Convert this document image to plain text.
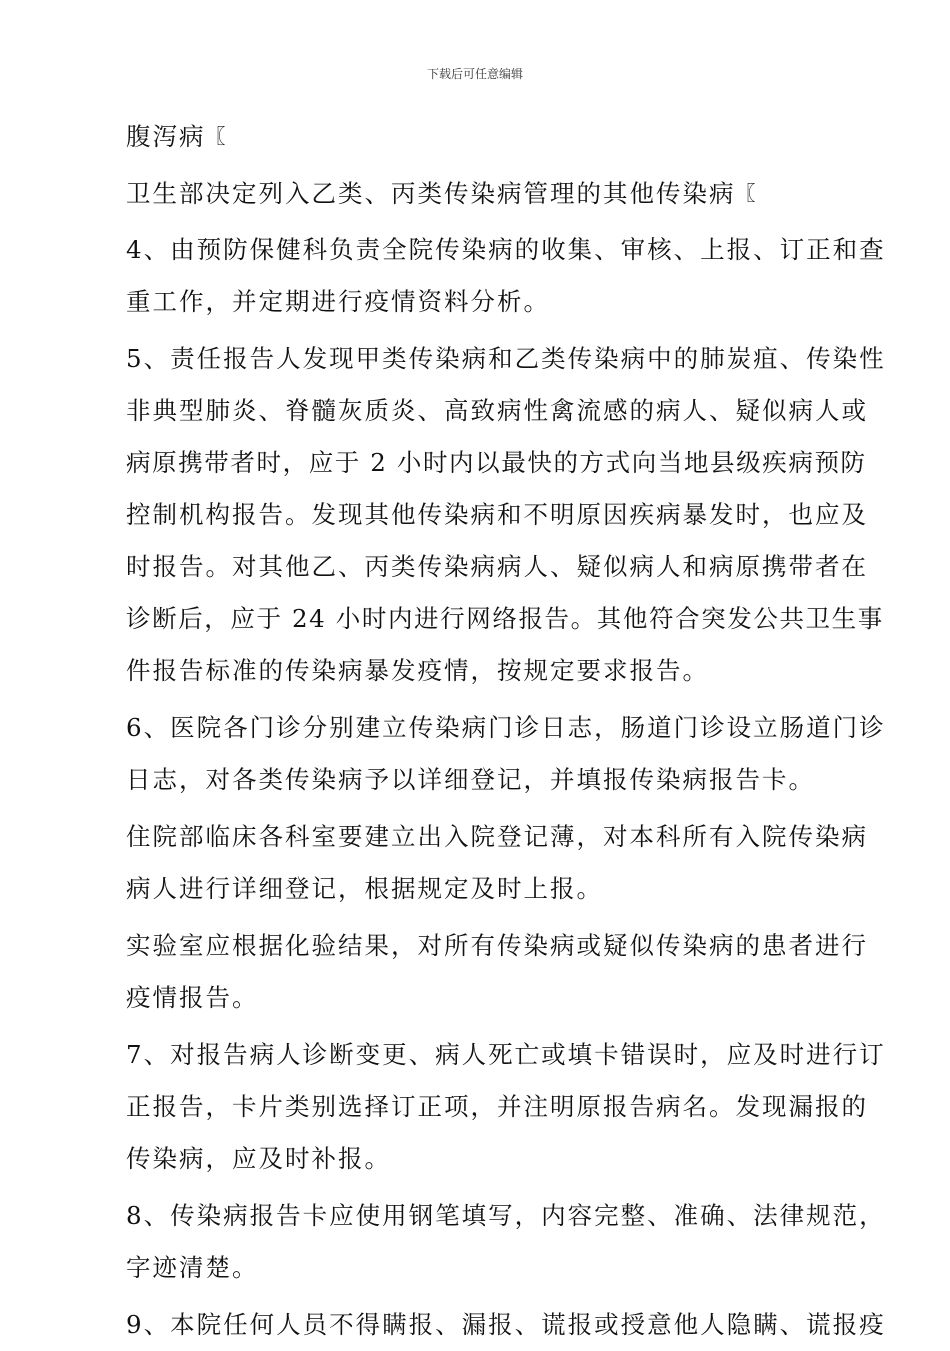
下载后可任意编辑
腹泻病〖
卫生部决定列入乙类、丙类传染病管理的其他传染病〖
4、由预防保健科负责全院传染病的收集、审核、上报、订正和查
重工作，并定期进行疫情资料分析。
5、责任报告人发现甲类传染病和乙类传染病中的肺炭疽、传染性
非典型肺炎、脊髓灰质炎、高致病性禽流感的病人、疑似病人或
病原携带者时，应于 2 小时内以最快的方式向当地县级疾病预防
控制机构报告。发现其他传染病和不明原因疾病暴发时，也应及
时报告。对其他乙、丙类传染病病人、疑似病人和病原携带者在
诊断后，应于 24 小时内进行网络报告。其他符合突发公共卫生事
件报告标准的传染病暴发疫情，按规定要求报告。
6、医院各门诊分别建立传染病门诊日志，肠道门诊设立肠道门诊
日志，对各类传染病予以详细登记，并填报传染病报告卡。
住院部临床各科室要建立出入院登记薄，对本科所有入院传染病
病人进行详细登记，根据规定及时上报。
实验室应根据化验结果，对所有传染病或疑似传染病的患者进行
疫情报告。
7、对报告病人诊断变更、病人死亡或填卡错误时，应及时进行订
正报告，卡片类别选择订正项，并注明原报告病名。发现漏报的
传染病，应及时补报。
8、传染病报告卡应使用钢笔填写，内容完整、准确、法律规范，
字迹清楚。
9、本院任何人员不得瞒报、漏报、谎报或授意他人隐瞒、谎报疫
